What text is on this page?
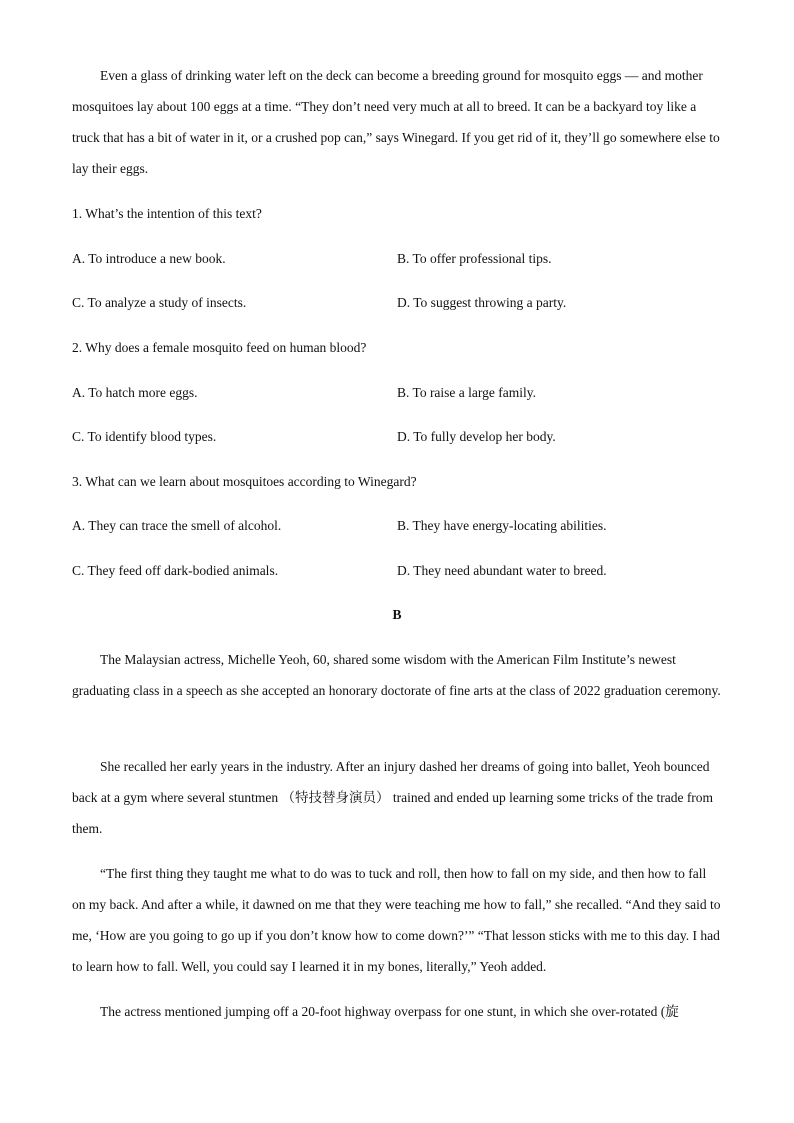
Even a glass of drinking water left on the deck can become a breeding ground for mosquito eggs — and mother mosquitoes lay about 100 eggs at a time. “They don’t need very much at all to breed. It can be a backyard toy like a truck that has a bit of water in it, or a crushed pop can,” says Winegard. If you get rid of it, they’ll go somewhere else to lay their eggs.

1. What’s the intention of this text?
A. To introduce a new book.	B. To offer professional tips.
C. To analyze a study of insects.	D. To suggest throwing a party.
2. Why does a female mosquito feed on human blood?
A. To hatch more eggs.	B. To raise a large family.
C. To identify blood types.	D. To fully develop her body.
3. What can we learn about mosquitoes according to Winegard?
A. They can trace the smell of alcohol.	B. They have energy-locating abilities.
C. They feed off dark-bodied animals.	D. They need abundant water to breed.
B

The Malaysian actress, Michelle Yeoh, 60, shared some wisdom with the American Film Institute’s newest graduating class in a speech as she accepted an honorary doctorate of fine arts at the class of 2022 graduation ceremony.

She recalled her early years in the industry. After an injury dashed her dreams of going into ballet, Yeoh bounced back at a gym where several stuntmen （特技替身演员） trained and ended up learning some tricks of the trade from them.

“The first thing they taught me what to do was to tuck and roll, then how to fall on my side, and then how to fall on my back. And after a while, it dawned on me that they were teaching me how to fall,” she recalled. “And they said to me, ‘How are you going to go up if you don’t know how to come down?’” “That lesson sticks with me to this day. I had to learn how to fall. Well, you could say I learned it in my bones, literally,” Yeoh added.

The actress mentioned jumping off a 20-foot highway overpass for one stunt, in which she over-rotated (旋
